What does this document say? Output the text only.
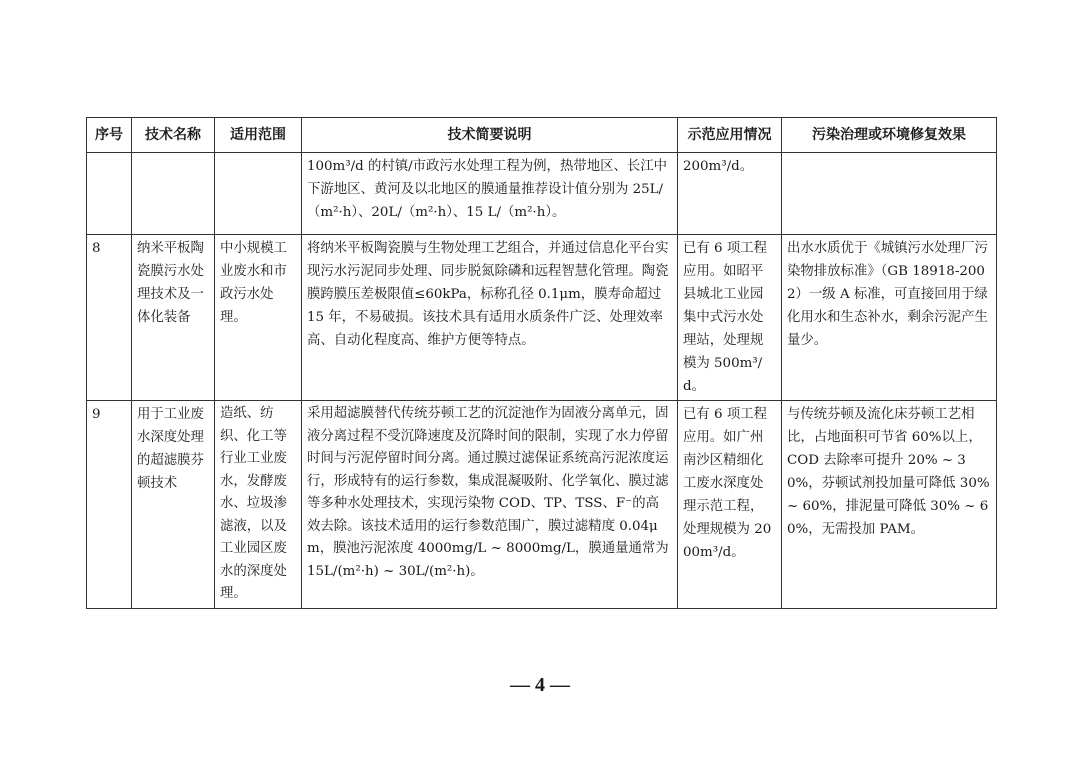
序号	技术名称	适用范围	技术简要说明	示范应用情况	污染治理或环境修复效果
			100m³/d 的村镇/市政污水处理工程为例，热带地区、长江中下游地区、黄河及以北地区的膜通量推荐设计值分别为 25L/（m²·h）、20L/（m²·h）、15 L/（m²·h）。	200m³/d。	
8	纳米平板陶瓷膜污水处理技术及一体化装备	中小规模工业废水和市政污水处理。	将纳米平板陶瓷膜与生物处理工艺组合，并通过信息化平台实现污水污泥同步处理、同步脱氮除磷和远程智慧化管理。陶瓷膜跨膜压差极限值≤60kPa，标称孔径 0.1μm，膜寿命超过 15 年，不易破损。该技术具有适用水质条件广泛、处理效率高、自动化程度高、维护方便等特点。	已有 6 项工程应用。如昭平县城北工业园集中式污水处理站，处理规模为 500m³/d。	出水水质优于《城镇污水处理厂污染物排放标准》（GB 18918-2002）一级 A 标准，可直接回用于绿化用水和生态补水，剩余污泥产生量少。
9	用于工业废水深度处理的超滤膜芬顿技术	造纸、纺织、化工等行业工业废水，发酵废水、垃圾渗滤液，以及工业园区废水的深度处理。	采用超滤膜替代传统芬顿工艺的沉淀池作为固液分离单元，固液分离过程不受沉降速度及沉降时间的限制，实现了水力停留时间与污泥停留时间分离。通过膜过滤保证系统高污泥浓度运行，形成特有的运行参数，集成混凝吸附、化学氧化、膜过滤等多种水处理技术，实现污染物 COD、TP、TSS、F⁻的高效去除。该技术适用的运行参数范围广，膜过滤精度 0.04μm，膜池污泥浓度 4000mg/L ~ 8000mg/L，膜通量通常为 15L/(m²·h) ~ 30L/(m²·h)。	已有 6 项工程应用。如广州南沙区精细化工废水深度处理示范工程，处理规模为 2000m³/d。	与传统芬顿及流化床芬顿工艺相比，占地面积可节省 60%以上，COD 去除率可提升 20% ~ 30%，芬顿试剂投加量可降低 30% ~ 60%，排泥量可降低 30% ~ 60%，无需投加 PAM。
— 4 —
